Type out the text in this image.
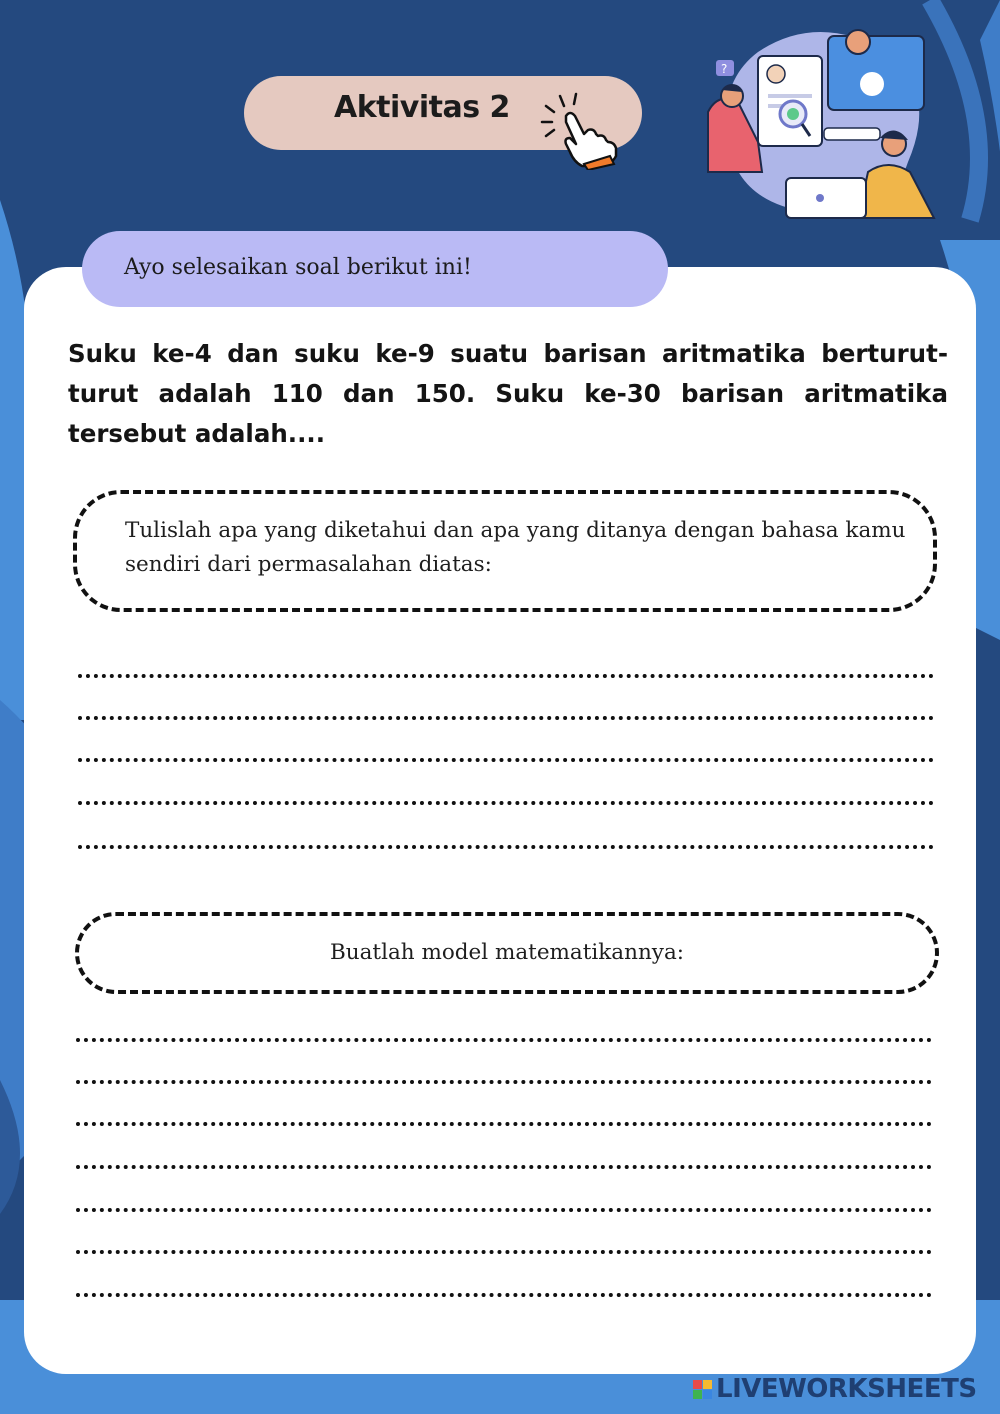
Aktivitas 2
?
Ayo selesaikan soal berikut ini!
Suku ke-4 dan suku ke-9 suatu barisan aritmatika berturut-turut adalah 110 dan 150. Suku ke-30 barisan aritmatika tersebut adalah....
Tulislah apa yang diketahui dan apa yang ditanya dengan bahasa kamu sendiri dari permasalahan diatas:
Buatlah model matematikannya:
LIVEWORKSHEETS
